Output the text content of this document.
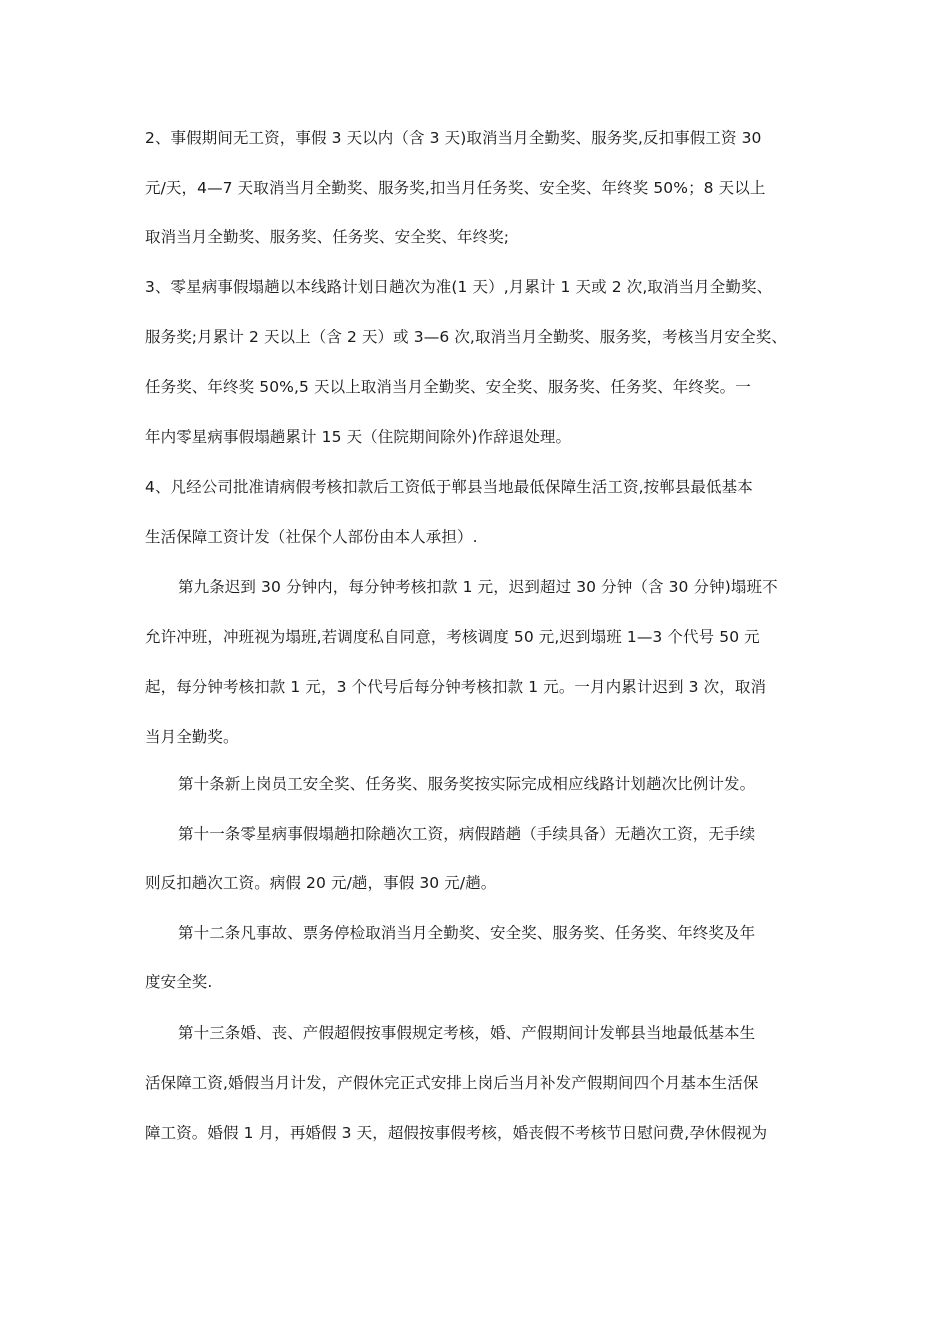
2、事假期间无工资，事假 3 天以内（含 3 天)取消当月全勤奖、服务奖,反扣事假工资 30
元/天，4—7 天取消当月全勤奖、服务奖,扣当月任务奖、安全奖、年终奖 50%；8 天以上
取消当月全勤奖、服务奖、任务奖、安全奖、年终奖;
3、零星病事假塌趟以本线路计划日趟次为准(1 天）,月累计 1 天或 2 次,取消当月全勤奖、
服务奖;月累计 2 天以上（含 2 天）或 3—6 次,取消当月全勤奖、服务奖，考核当月安全奖、
任务奖、年终奖 50%,5 天以上取消当月全勤奖、安全奖、服务奖、任务奖、年终奖。一
年内零星病事假塌趟累计 15 天（住院期间除外)作辞退处理。
4、凡经公司批准请病假考核扣款后工资低于郸县当地最低保障生活工资,按郸县最低基本
生活保障工资计发（社保个人部份由本人承担）.
第九条迟到 30 分钟内，每分钟考核扣款 1 元，迟到超过 30 分钟（含 30 分钟)塌班不
允许冲班，冲班视为塌班,若调度私自同意，考核调度 50 元,迟到塌班 1—3 个代号 50 元
起，每分钟考核扣款 1 元，3 个代号后每分钟考核扣款 1 元。一月内累计迟到 3 次，取消
当月全勤奖。
第十条新上岗员工安全奖、任务奖、服务奖按实际完成相应线路计划趟次比例计发。
第十一条零星病事假塌趟扣除趟次工资，病假踏趟（手续具备）无趟次工资，无手续
则反扣趟次工资。病假 20 元/趟，事假 30 元/趟。
第十二条凡事故、票务停检取消当月全勤奖、安全奖、服务奖、任务奖、年终奖及年
度安全奖.
第十三条婚、丧、产假超假按事假规定考核，婚、产假期间计发郸县当地最低基本生
活保障工资,婚假当月计发，产假休完正式安排上岗后当月补发产假期间四个月基本生活保
障工资。婚假 1 月，再婚假 3 天，超假按事假考核，婚丧假不考核节日慰问费,孕休假视为
